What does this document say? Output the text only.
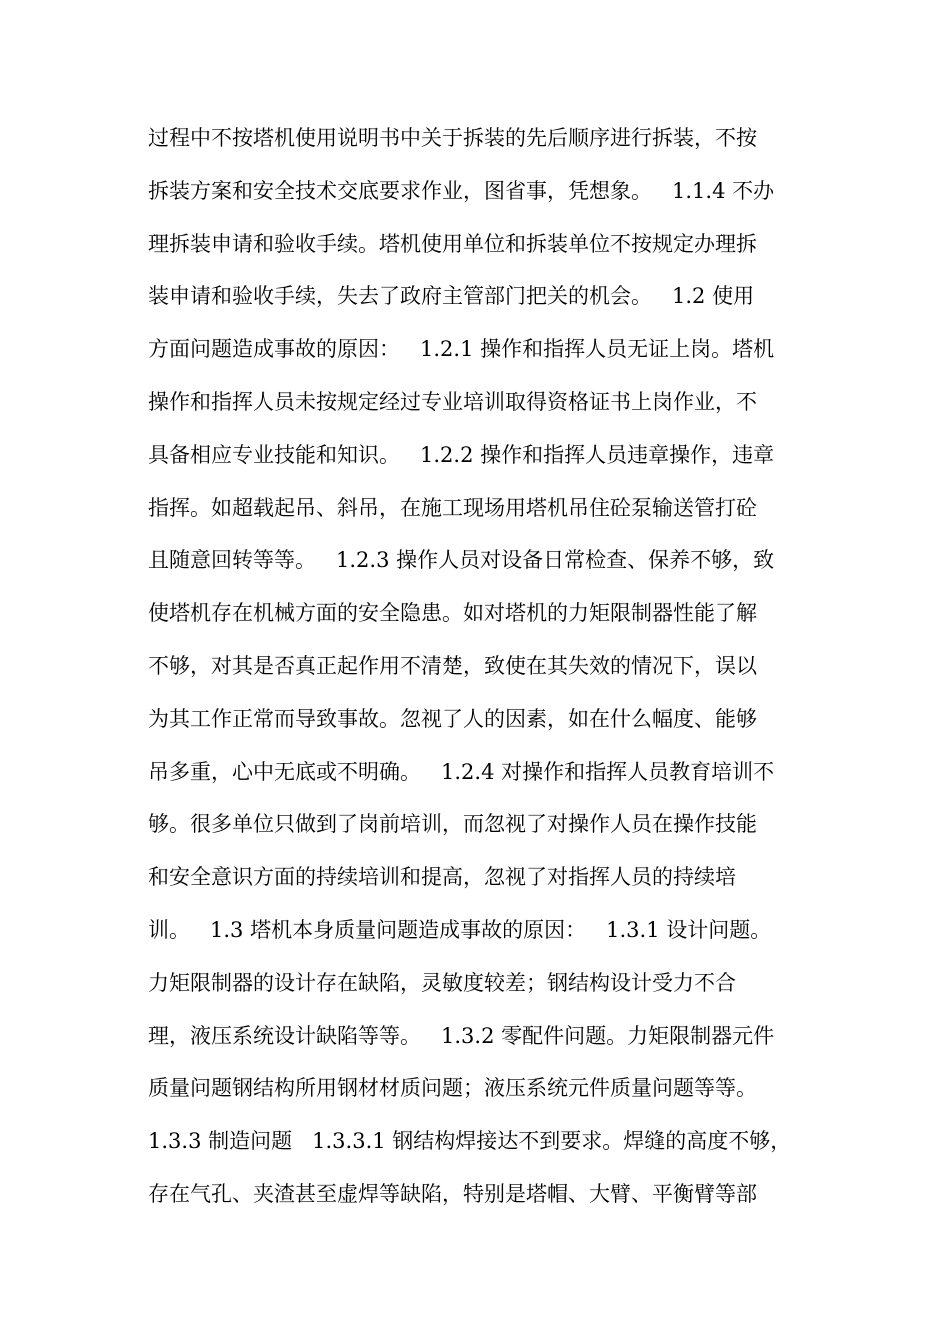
过程中不按塔机使用说明书中关于拆装的先后顺序进行拆装，不按
拆装方案和安全技术交底要求作业，图省事，凭想象。   1.1.4 不办
理拆装申请和验收手续。塔机使用单位和拆装单位不按规定办理拆
装申请和验收手续，失去了政府主管部门把关的机会。   1.2 使用
方面问题造成事故的原因：   1.2.1 操作和指挥人员无证上岗。塔机
操作和指挥人员未按规定经过专业培训取得资格证书上岗作业，不
具备相应专业技能和知识。   1.2.2 操作和指挥人员违章操作，违章
指挥。如超载起吊、斜吊，在施工现场用塔机吊住砼泵输送管打砼
且随意回转等等。   1.2.3 操作人员对设备日常检查、保养不够，致
使塔机存在机械方面的安全隐患。如对塔机的力矩限制器性能了解
不够，对其是否真正起作用不清楚，致使在其失效的情况下，误以
为其工作正常而导致事故。忽视了人的因素，如在什么幅度、能够
吊多重，心中无底或不明确。   1.2.4 对操作和指挥人员教育培训不
够。很多单位只做到了岗前培训，而忽视了对操作人员在操作技能
和安全意识方面的持续培训和提高，忽视了对指挥人员的持续培
训。   1.3 塔机本身质量问题造成事故的原因：   1.3.1 设计问题。
力矩限制器的设计存在缺陷，灵敏度较差；钢结构设计受力不合
理，液压系统设计缺陷等等。   1.3.2 零配件问题。力矩限制器元件
质量问题钢结构所用钢材材质问题；液压系统元件质量问题等等。
1.3.3 制造问题   1.3.3.1 钢结构焊接达不到要求。焊缝的高度不够，
存在气孔、夹渣甚至虚焊等缺陷，特别是塔帽、大臂、平衡臂等部
